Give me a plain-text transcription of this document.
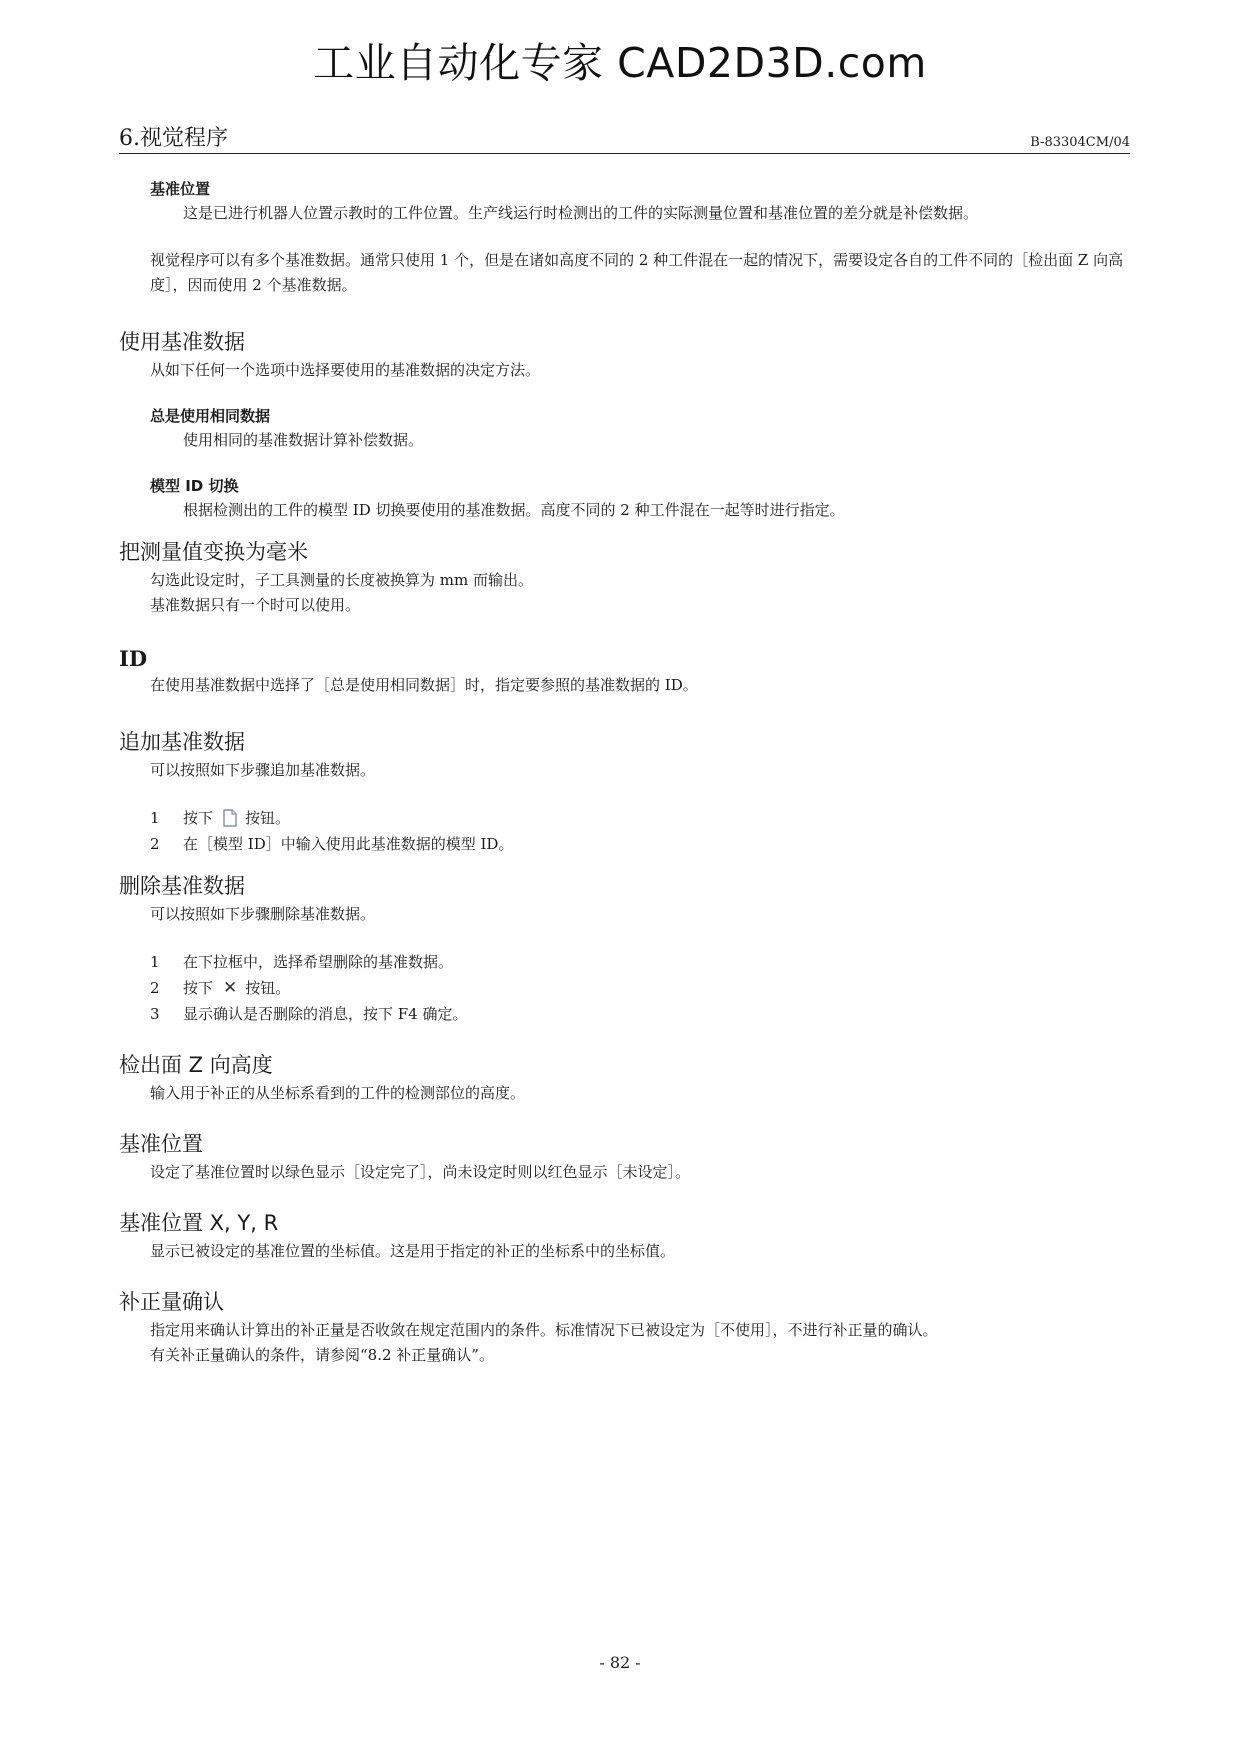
工业自动化专家 CAD2D3D.com
6.视觉程序	B-83304CM/04
基准位置
这是已进行机器人位置示教时的工件位置。生产线运行时检测出的工件的实际测量位置和基准位置的差分就是补偿数据。
视觉程序可以有多个基准数据。通常只使用 1 个，但是在诸如高度不同的 2 种工件混在一起的情况下，需要设定各自的工件不同的［检出面 Z 向高度］，因而使用 2 个基准数据。
使用基准数据
从如下任何一个选项中选择要使用的基准数据的决定方法。
总是使用相同数据
使用相同的基准数据计算补偿数据。
模型 ID 切换
根据检测出的工件的模型 ID 切换要使用的基准数据。高度不同的 2 种工件混在一起等时进行指定。
把测量值变换为毫米
勾选此设定时，子工具测量的长度被换算为 mm 而输出。
基准数据只有一个时可以使用。
ID
在使用基准数据中选择了［总是使用相同数据］时，指定要参照的基准数据的 ID。
追加基准数据
可以按照如下步骤追加基准数据。
1	按下 按钮。
2	在［模型 ID］中输入使用此基准数据的模型 ID。
删除基准数据
可以按照如下步骤删除基准数据。
1	在下拉框中，选择希望删除的基准数据。
2	按下 ✕ 按钮。
3	显示确认是否删除的消息，按下 F4 确定。
检出面 Z 向高度
输入用于补正的从坐标系看到的工件的检测部位的高度。
基准位置
设定了基准位置时以绿色显示［设定完了］，尚未设定时则以红色显示［未设定］。
基准位置 X, Y, R
显示已被设定的基准位置的坐标值。这是用于指定的补正的坐标系中的坐标值。
补正量确认
指定用来确认计算出的补正量是否收敛在规定范围内的条件。标准情况下已被设定为［不使用］，不进行补正量的确认。
有关补正量确认的条件，请参阅“8.2 补正量确认”。
- 82 -
